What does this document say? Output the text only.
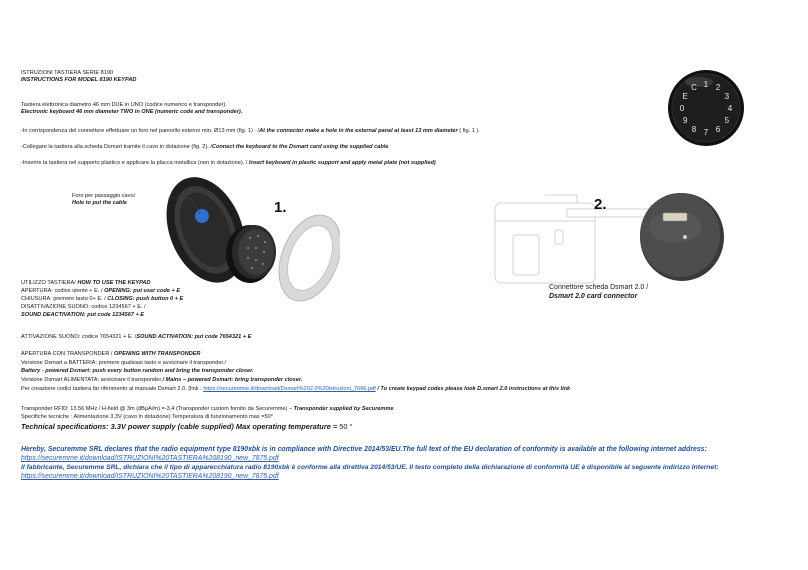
ISTRUZIONI TASTIERA SERIE 8190
INSTRUCTIONS FOR MODEL 8190 KEYPAD
Tastiera elettronica diametro 46 mm DUE in UNO (codice numerico e transponder).
Electronic keyboard 46 mm diameter TWO in ONE (numeric code and transponder).
-In corrispondenza del connettore effettuare un foro nel pannello esterno min. Ø13 mm (fig. 1) . /At the connector make a hole in the external panel at least 13 mm diameter ( fig. 1 ).
-Collegare la tastiera alla scheda Dsmart tramite il cavo in dotazione (fig. 2). /Connect the keyboard to the Dsmart card using the supplied cable
-Inserire la tastiera nel supporto plastico e applicare la placca metallica (non in dotazione). / Insert keyboard in plastic support and apply metal plate (not supplied)
Foro per passaggio cavo/
Hole to put the cable	1.
1 2
3
4
5
6
7
8
9
0
E
C
2.
Connettore scheda Dsmart 2.0 /
Dsmart 2.0 card connector
UTILIZZO TASTIERA/ HOW TO USE THE KEYPAD
APERTURA: codice utente + E. / OPENING: put user code + E
CHIUSURA: premere tasto 0+ E. / CLOSING: push button 0 + E
DISATTIVAZIONE SUONO: codice 1234567 + E. /
SOUND DEACTIVATION: put code 1234567 + E
ATTIVAZIONE SUONO: codice 7654321 + E. /SOUND ACTIVATION: put code 7654321 + E
APERTURA CON TRANSPONDER / OPENING WITH TRANSPONDER
Versione Dsmart a BATTERIA: premere qualsiasi tasto e avvicinare il transponder./
Battery - powered Dsmart: push every button random and bring the transponder closer.
Versione Dsmart ALIMENTATA: avvicinare il transponder./ Mains – powered Dsmart: bring transponder closer.
Per creazione codici tastiera far riferimento al manuale Dsmart 2.0. (link : https://securemme.it/download/Dsmart%202.0%20istruzioni_7666.pdf / To create keypad codes please look D.smart 2.0 instructions at this link
Transponder RFID: 13.56 MHz / H-field @ 3m (dBμA/m) =-3,4 (Transponder custom fornito da Securemme) – Transponder supplied by Securemme
Specifiche tecniche : Alimentazione 3.3V (cavo in dotazione) Temperatura di funzionamento max =50°
Technical specifications: 3.3V power supply (cable supplied) Max operating temperature = 50 °
Hereby, Securemme SRL declares that the radio equipment type 8190xbk is in compliance with Directive 2014/53/EU.The full text of the EU declaration of conformity is available at the following internet address:
https://securemme.it/download/ISTRUZIONI%20TASTIERA%208190_new_7875.pdf
Il fabbricante, Securemme SRL, dichiara che il tipo di apparecchiatura radio 8190xbk è conforme alla direttiva 2014/53/UE. Il testo completo della dichiarazione di conformità UE è disponibile al seguente indirizzo Internet:
https://securemme.it/download/ISTRUZIONI%20TASTIERA%208190_new_7875.pdf
